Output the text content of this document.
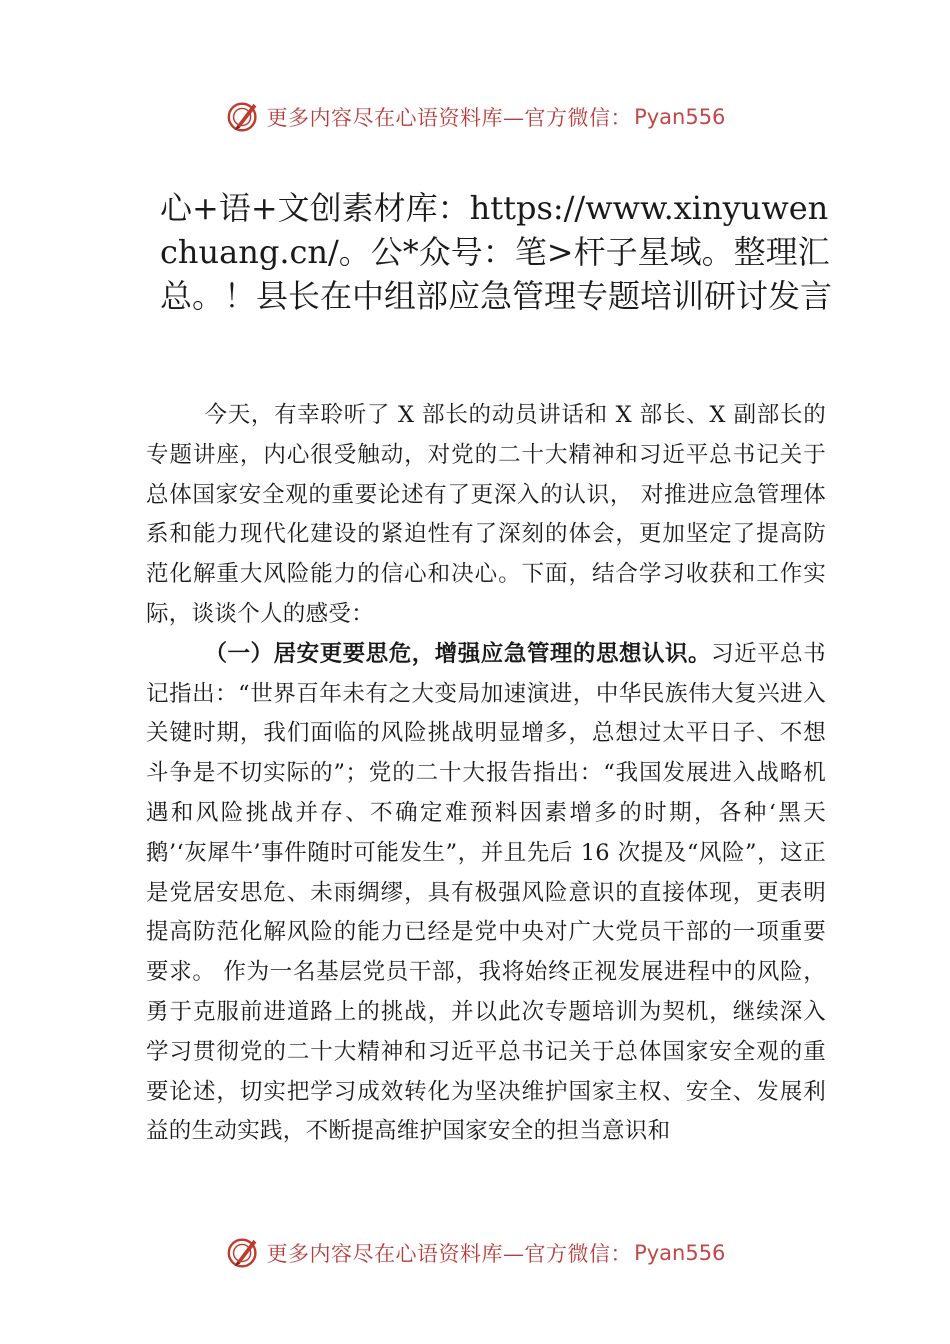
更多内容尽在心语资料库—官方微信： Pyan556
心+语+文创素材库：https://www.xinyuwenchuang.cn/。公*众号：笔>杆子星域。整理汇总。！县长在中组部应急管理专题培训研讨发言

今天，有幸聆听了 X 部长的动员讲话和 X 部长、X 副部长的专题讲座，内心很受触动，对党的二十大精神和习近平总书记关于总体国家安全观的重要论述有了更深入的认识， 对推进应急管理体系和能力现代化建设的紧迫性有了深刻的体会，更加坚定了提高防范化解重大风险能力的信心和决心。下面，结合学习收获和工作实际，谈谈个人的感受：

（一）居安更要思危，增强应急管理的思想认识。习近平总书记指出：“世界百年未有之大变局加速演进，中华民族伟大复兴进入关键时期，我们面临的风险挑战明显增多，总想过太平日子、不想斗争是不切实际的”；党的二十大报告指出：“我国发展进入战略机遇和风险挑战并存、不确定难预料因素增多的时期，各种‘黑天鹅’‘灰犀牛’事件随时可能发生”，并且先后 16 次提及“风险”，这正是党居安思危、未雨绸缪，具有极强风险意识的直接体现，更表明提高防范化解风险的能力已经是党中央对广大党员干部的一项重要要求。 作为一名基层党员干部，我将始终正视发展进程中的风险， 勇于克服前进道路上的挑战，并以此次专题培训为契机，继续深入学习贯彻党的二十大精神和习近平总书记关于总体国家安全观的重要论述，切实把学习成效转化为坚决维护国家主权、安全、发展利益的生动实践，不断提高维护国家安全的担当意识和

更多内容尽在心语资料库—官方微信： Pyan556
